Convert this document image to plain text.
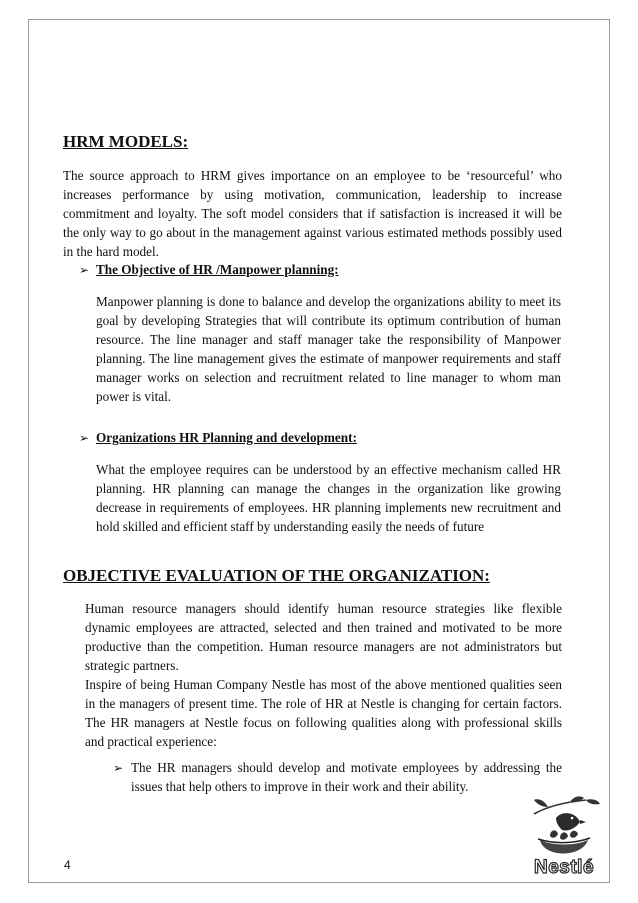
HRM MODELS:

The source approach to HRM gives importance on an employee to be ‘resourceful’ who increases performance by using motivation, communication, leadership to increase commitment and loyalty. The soft model considers that if satisfaction is increased it will be the only way to go about in the management against various estimated methods possibly used in the hard model.

➢ The Objective of HR /Manpower planning:

Manpower planning is done to balance and develop the organizations ability to meet its goal by developing Strategies that will contribute its optimum contribution of human resource. The line manager and staff manager take the responsibility of Manpower planning. The line management gives the estimate of manpower requirements and staff manager works on selection and recruitment related to line manager to whom man power is vital.

➢ Organizations HR Planning and development:

What the employee requires can be understood by an effective mechanism called HR planning. HR planning can manage the changes in the organization like growing decrease in requirements of employees. HR planning implements new recruitment and hold skilled and efficient staff by understanding easily the needs of future

OBJECTIVE EVALUATION OF THE ORGANIZATION:
Human resource managers should identify human resource strategies like flexible dynamic employees are attracted, selected and then trained and motivated to be more productive than the competition. Human resource managers are not administrators but strategic partners.
Inspire of being Human Company Nestle has most of the above mentioned qualities seen in the managers of present time. The role of HR at Nestle is changing for certain factors. The HR managers at Nestle focus on following qualities along with professional skills and practical experience:
➢ The HR managers should develop and motivate employees by addressing the issues that help others to improve in their work and their ability.
4	Nestlé
